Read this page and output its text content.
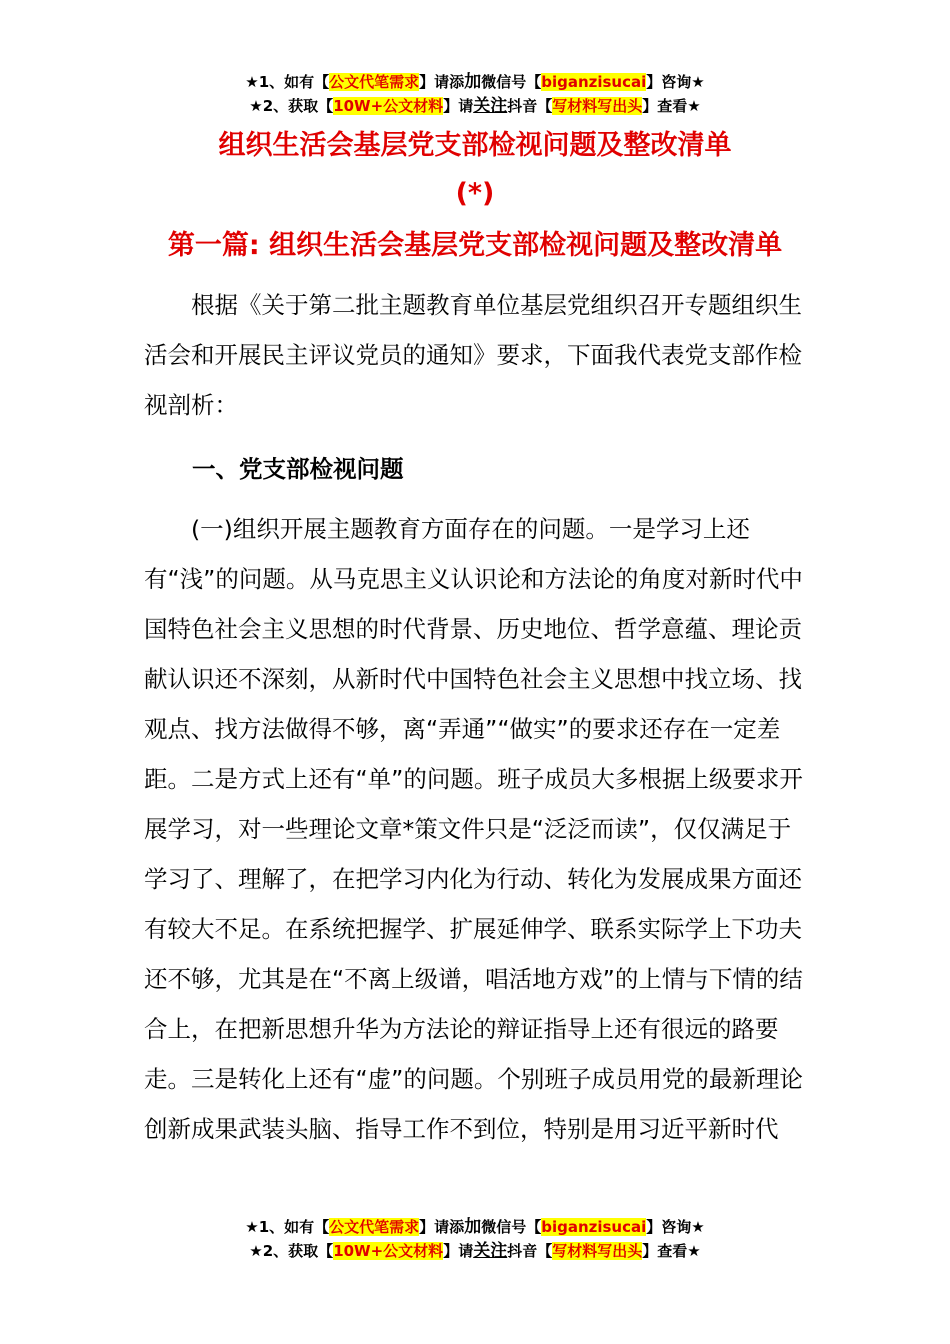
★1、如有【公文代笔需求】请添加微信号【biganzisucai】咨询★
★2、获取【10W+公文材料】请关注抖音【写材料写出头】查看★
组织生活会基层党支部检视问题及整改清单
(*)
第一篇: 组织生活会基层党支部检视问题及整改清单

根据《关于第二批主题教育单位基层党组织召开专题组织生活会和开展民主评议党员的通知》要求，下面我代表党支部作检视剖析：

一、党支部检视问题

(一)组织开展主题教育方面存在的问题。一是学习上还有“浅”的问题。从马克思主义认识论和方法论的角度对新时代中国特色社会主义思想的时代背景、历史地位、哲学意蕴、理论贡献认识还不深刻，从新时代中国特色社会主义思想中找立场、找观点、找方法做得不够，离“弄通”“做实”的要求还存在一定差距。二是方式上还有“单”的问题。班子成员大多根据上级要求开展学习，对一些理论文章*策文件只是“泛泛而读”，仅仅满足于学习了、理解了，在把学习内化为行动、转化为发展成果方面还有较大不足。在系统把握学、扩展延伸学、联系实际学上下功夫还不够，尤其是在“不离上级谱，唱活地方戏”的上情与下情的结合上，在把新思想升华为方法论的辩证指导上还有很远的路要走。三是转化上还有“虚”的问题。个别班子成员用党的最新理论创新成果武装头脑、指导工作不到位，特别是用习近平新时代

★1、如有【公文代笔需求】请添加微信号【biganzisucai】咨询★
★2、获取【10W+公文材料】请关注抖音【写材料写出头】查看★
